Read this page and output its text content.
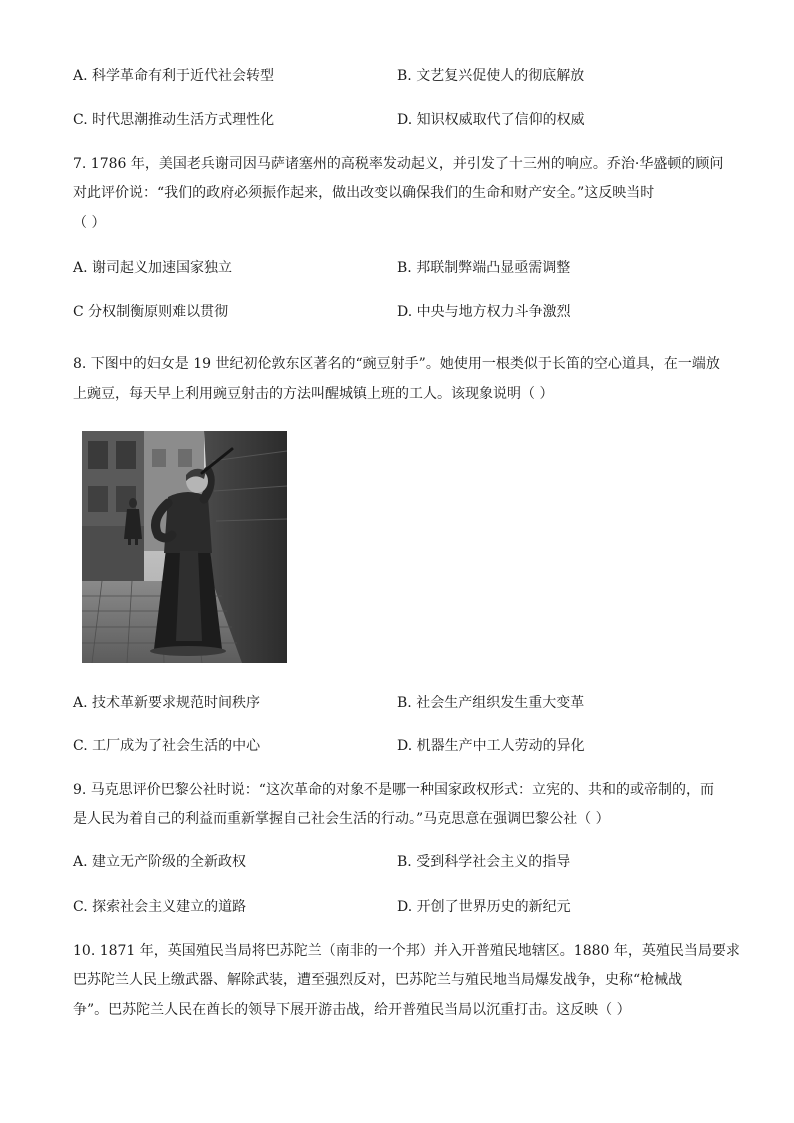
A. 科学革命有利于近代社会转型	B. 文艺复兴促使人的彻底解放
C. 时代思潮推动生活方式理性化	D. 知识权威取代了信仰的权威
7. 1786 年，美国老兵谢司因马萨诸塞州的高税率发动起义，并引发了十三州的响应。乔治·华盛顿的顾问
对此评价说：“我们的政府必须振作起来，做出改变以确保我们的生命和财产安全。”这反映当时
（ ）
A. 谢司起义加速国家独立	B. 邦联制弊端凸显亟需调整
C 分权制衡原则难以贯彻	D. 中央与地方权力斗争激烈
8. 下图中的妇女是 19 世纪初伦敦东区著名的“豌豆射手”。她使用一根类似于长笛的空心道具，在一端放
上豌豆，每天早上利用豌豆射击的方法叫醒城镇上班的工人。该现象说明（ ）
A. 技术革新要求规范时间秩序	B. 社会生产组织发生重大变革
C. 工厂成为了社会生活的中心	D. 机器生产中工人劳动的异化
9. 马克思评价巴黎公社时说：“这次革命的对象不是哪一种国家政权形式：立宪的、共和的或帝制的，而
是人民为着自己的利益而重新掌握自己社会生活的行动。”马克思意在强调巴黎公社（ ）
A. 建立无产阶级的全新政权	B. 受到科学社会主义的指导
C. 探索社会主义建立的道路	D. 开创了世界历史的新纪元
10. 1871 年，英国殖民当局将巴苏陀兰（南非的一个邦）并入开普殖民地辖区。1880 年，英殖民当局要求
巴苏陀兰人民上缴武器、解除武装，遭至强烈反对，巴苏陀兰与殖民地当局爆发战争，史称“枪械战
争”。巴苏陀兰人民在酋长的领导下展开游击战，给开普殖民当局以沉重打击。这反映（ ）
